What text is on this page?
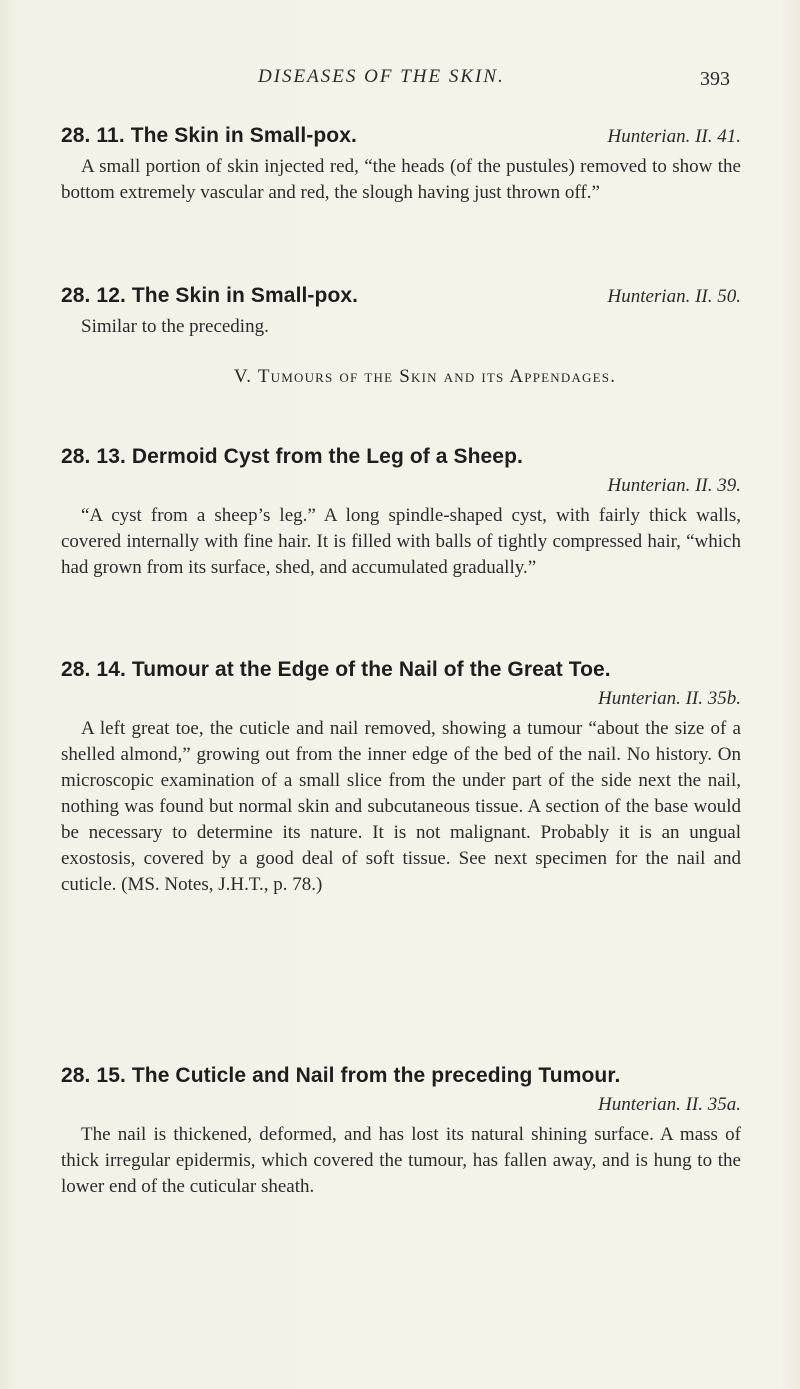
DISEASES OF THE SKIN.	393
28. 11. The Skin in Small-pox.	Hunterian. II. 41.

A small portion of skin injected red, “the heads (of the pustules) removed to show the bottom extremely vascular and red, the slough having just thrown off.”

28. 12. The Skin in Small-pox.	Hunterian. II. 50.

Similar to the preceding.

V. Tumours of the Skin and its Appendages.
28. 13. Dermoid Cyst from the Leg of a Sheep.
Hunterian. II. 39.

“A cyst from a sheep’s leg.” A long spindle-shaped cyst, with fairly thick walls, covered internally with fine hair. It is filled with balls of tightly compressed hair, “which had grown from its surface, shed, and accumulated gradually.”

28. 14. Tumour at the Edge of the Nail of the Great Toe.
Hunterian. II. 35b.

A left great toe, the cuticle and nail removed, showing a tumour “about the size of a shelled almond,” growing out from the inner edge of the bed of the nail. No history. On microscopic examination of a small slice from the under part of the side next the nail, nothing was found but normal skin and subcutaneous tissue. A section of the base would be necessary to determine its nature. It is not malignant. Probably it is an ungual exostosis, covered by a good deal of soft tissue. See next specimen for the nail and cuticle. (MS. Notes, J.H.T., p. 78.)

28. 15. The Cuticle and Nail from the preceding Tumour.
Hunterian. II. 35a.

The nail is thickened, deformed, and has lost its natural shining surface. A mass of thick irregular epidermis, which covered the tumour, has fallen away, and is hung to the lower end of the cuticular sheath.
